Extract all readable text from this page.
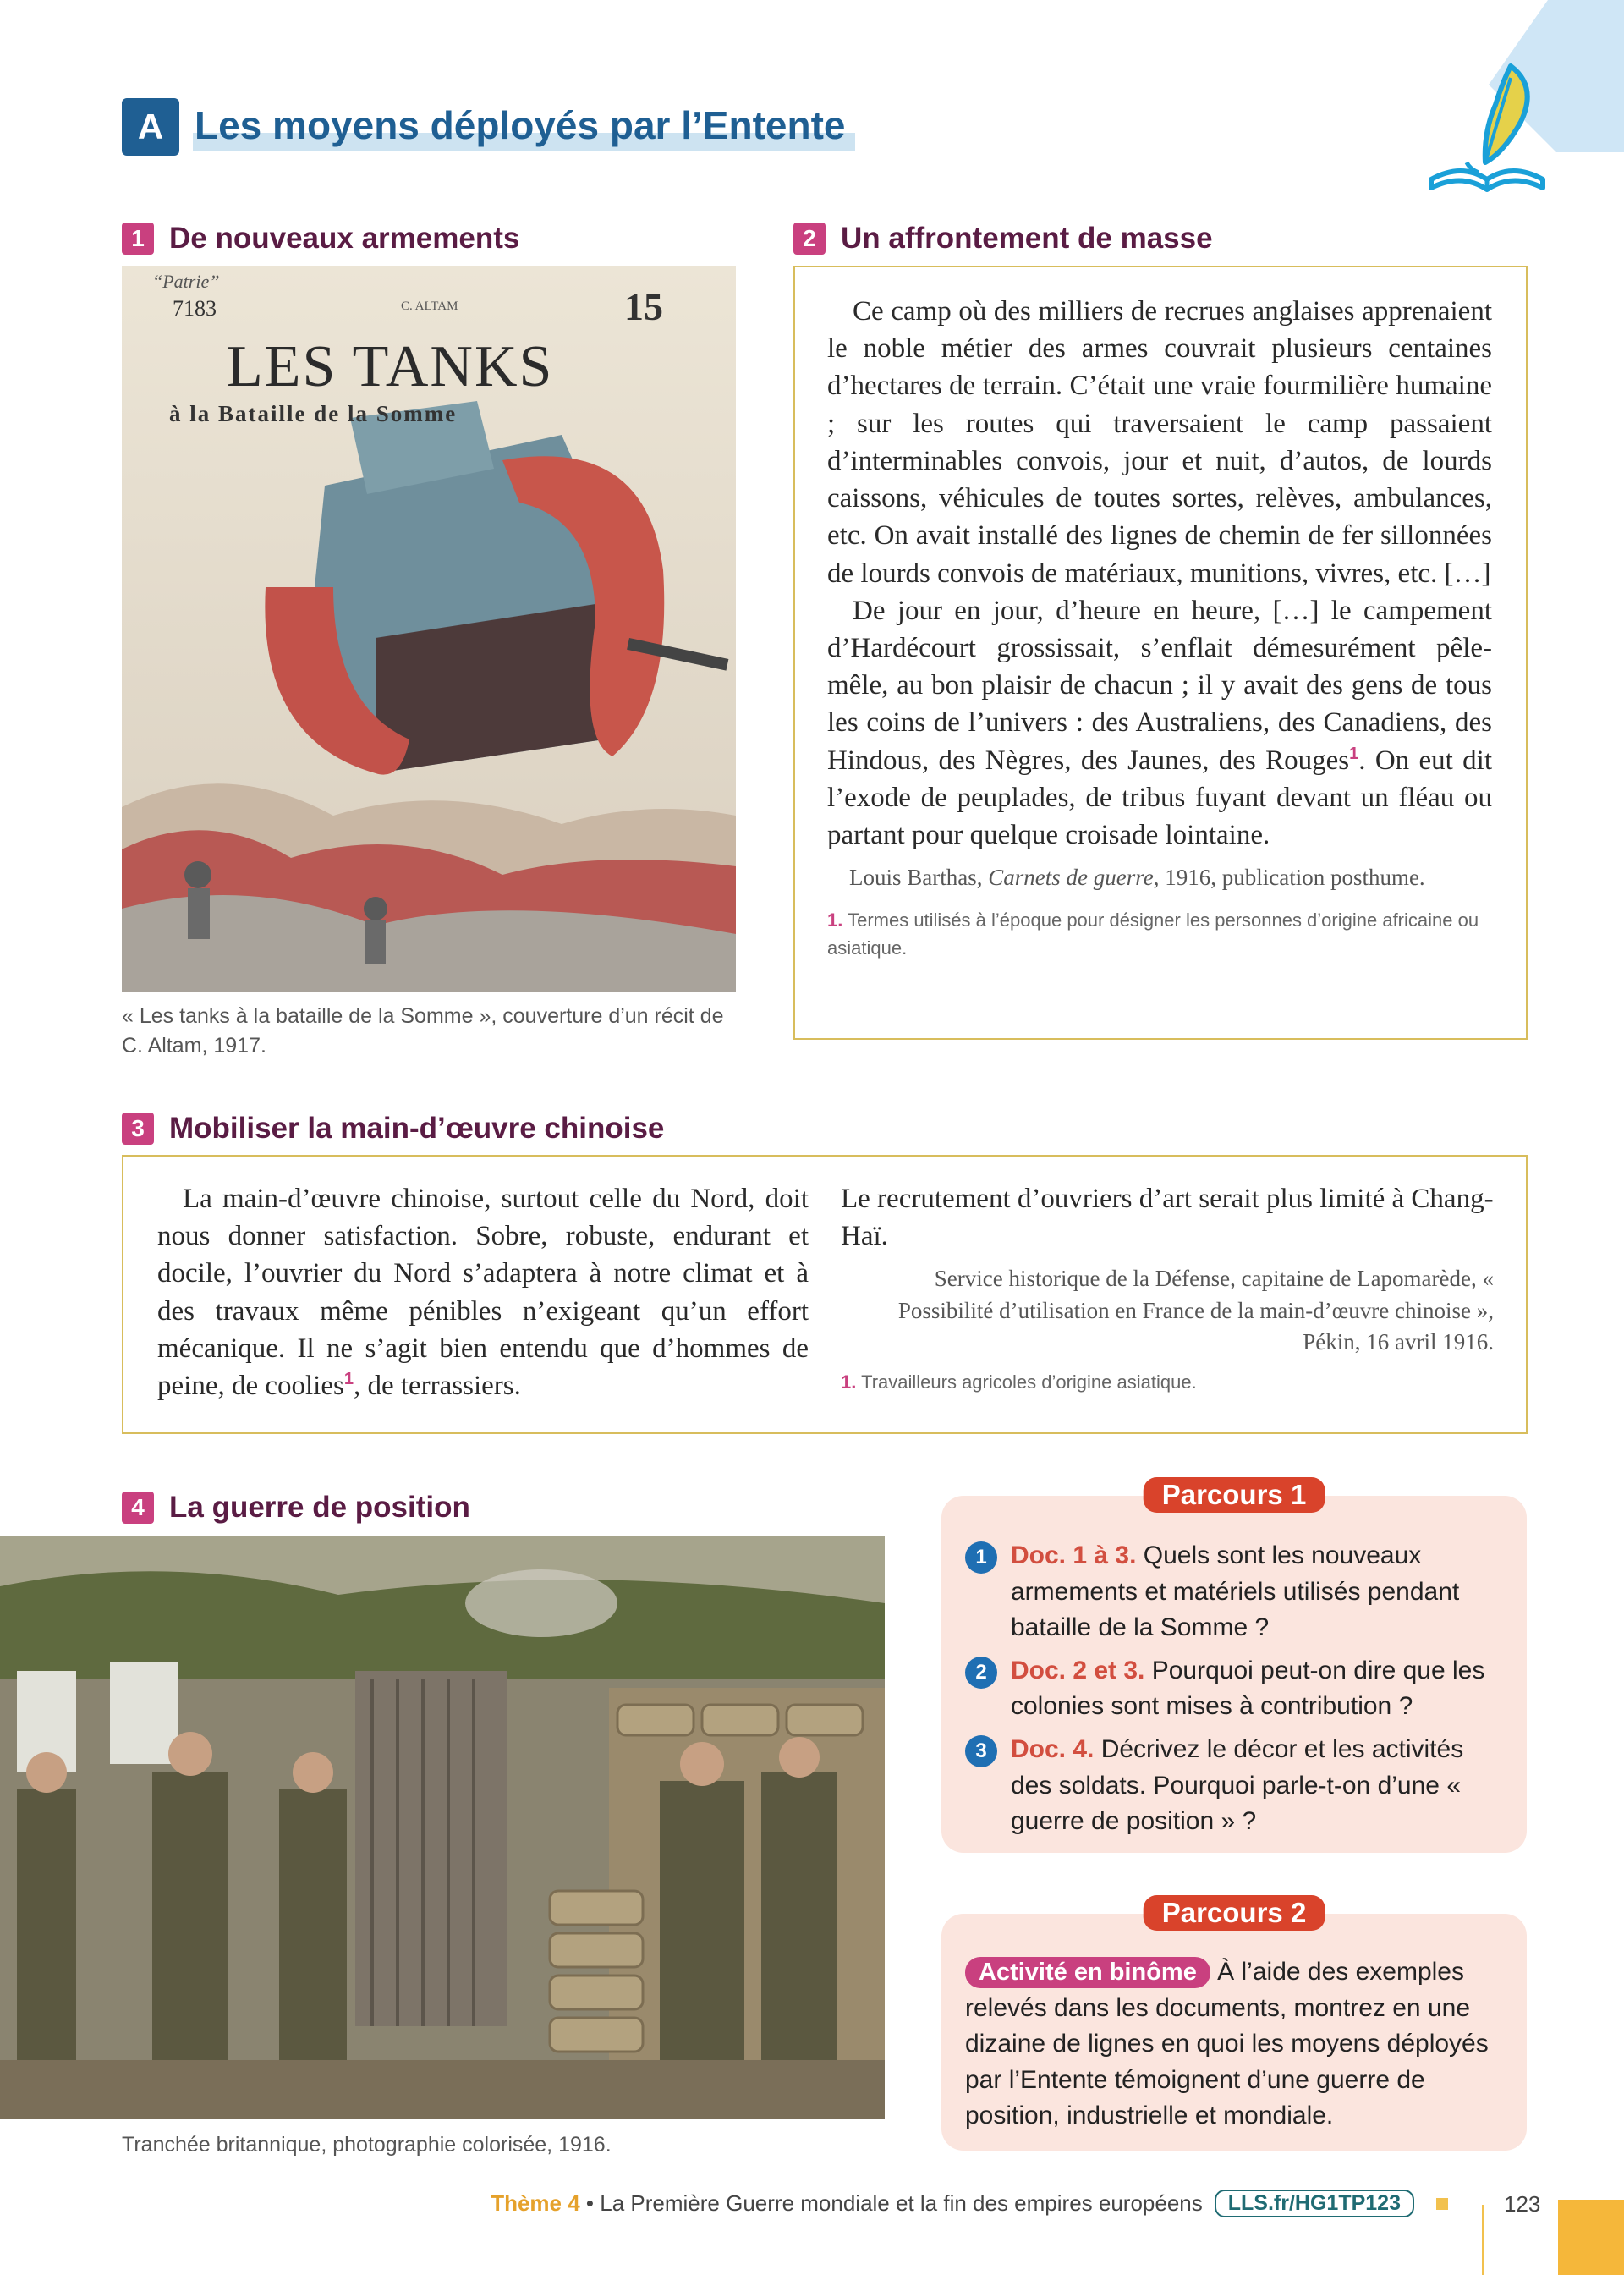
A Les moyens déployés par l’Entente
1 De nouveaux armements
“Patrie”
7183	C. ALTAM	15
LES TANKS
à la Bataille de la Somme
« Les tanks à la bataille de la Somme », couverture d’un récit de C. Altam, 1917.
2 Un affrontement de masse

Ce camp où des milliers de recrues anglaises apprenaient le noble métier des armes couvrait plusieurs centaines d’hectares de terrain. C’était une vraie fourmilière humaine ; sur les routes qui traversaient le camp passaient d’interminables convois, jour et nuit, d’autos, de lourds caissons, véhicules de toutes sortes, relèves, ambulances, etc. On avait installé des lignes de chemin de fer sillonnées de lourds convois de matériaux, munitions, vivres, etc. […]

De jour en jour, d’heure en heure, […] le campement d’Hardécourt grossissait, s’enflait démesurément pêle-mêle, au bon plaisir de chacun ; il y avait des gens de tous les coins de l’univers : des Australiens, des Canadiens, des Hindous, des Nègres, des Jaunes, des Rouges$^1$. On eut dit l’exode de peuplades, de tribus fuyant devant un fléau ou partant pour quelque croisade lointaine.

Louis Barthas, Carnets de guerre, 1916, publication posthume.

1. Termes utilisés à l’époque pour désigner les personnes d’origine africaine ou asiatique.

3 Mobiliser la main-d’œuvre chinoise

La main-d’œuvre chinoise, surtout celle du Nord, doit nous donner satisfaction. Sobre, robuste, endurant et docile, l’ouvrier du Nord s’adaptera à notre climat et à des travaux même pénibles n’exigeant qu’un effort mécanique. Il ne s’agit bien entendu que d’hommes de peine, de coolies$^1$, de terrassiers.

Le recrutement d’ouvriers d’art serait plus limité à Chang-Haï.

Service historique de la Défense, capitaine de Lapomarède, « Possibilité d’utilisation en France de la main-d’œuvre chinoise », Pékin, 16 avril 1916.

1. Travailleurs agricoles d’origine asiatique.

4 La guerre de position
Tranchée britannique, photographie colorisée, 1916.
Parcours 1
1 Doc. 1 à 3. Quels sont les nouveaux armements et matériels utilisés pendant bataille de la Somme ?
2 Doc. 2 et 3. Pourquoi peut-on dire que les colonies sont mises à contribution ?
3 Doc. 4. Décrivez le décor et les activités des soldats. Pourquoi parle-t-on d’une « guerre de position » ?
Parcours 2
Activité en binôme À l’aide des exemples relevés dans les documents, montrez en une dizaine de lignes en quoi les moyens déployés par l’Entente témoignent d’une guerre de position, industrielle et mondiale.
Thème 4 • La Première Guerre mondiale et la fin des empires européens	LLS.fr/HG1TP123	123
